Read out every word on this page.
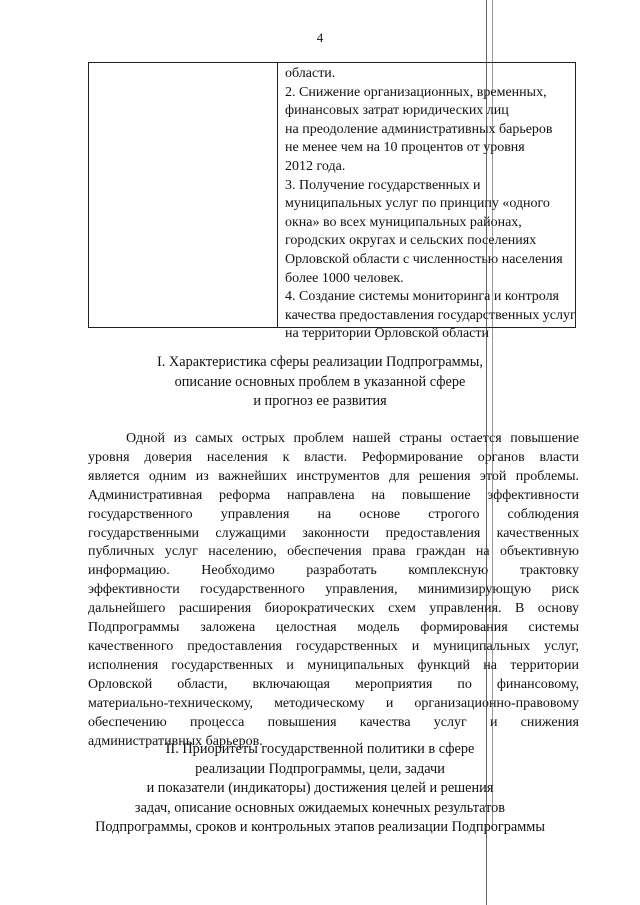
4
области.
2. Снижение организационных, временных,
финансовых затрат юридических лиц
на преодоление административных барьеров
не менее чем на 10 процентов от уровня
2012 года.
3. Получение государственных и
муниципальных услуг по принципу «одного
окна» во всех муниципальных районах,
городских округах и сельских поселениях
Орловской области с численностью населения
более 1000 человек.
4. Создание системы мониторинга и контроля
качества предоставления государственных услуг
на территории Орловской области
I. Характеристика сферы реализации Подпрограммы,
описание основных проблем в указанной сфере
и прогноз ее развития
Одной из самых острых проблем нашей страны остается повышение
уровня доверия населения к власти. Реформирование органов власти
является одним из важнейших инструментов для решения этой проблемы.
Административная реформа направлена на повышение эффективности
государственного управления на основе строгого соблюдения
государственными служащими законности предоставления качественных
публичных услуг населению, обеспечения права граждан на объективную
информацию. Необходимо разработать комплексную трактовку
эффективности государственного управления, минимизирующую риск
дальнейшего расширения биорократических схем управления. В основу
Подпрограммы заложена целостная модель формирования системы
качественного предоставления государственных и муниципальных услуг,
исполнения государственных и муниципальных функций на территории
Орловской области, включающая мероприятия по финансовому,
материально-техническому, методическому и организационно-правовому
обеспечению процесса повышения качества услуг и снижения
административных барьеров.
II. Приоритеты государственной политики в сфере
реализации Подпрограммы, цели, задачи
и показатели (индикаторы) достижения целей и решения
задач, описание основных ожидаемых конечных результатов
Подпрограммы, сроков и контрольных этапов реализации Подпрограммы
